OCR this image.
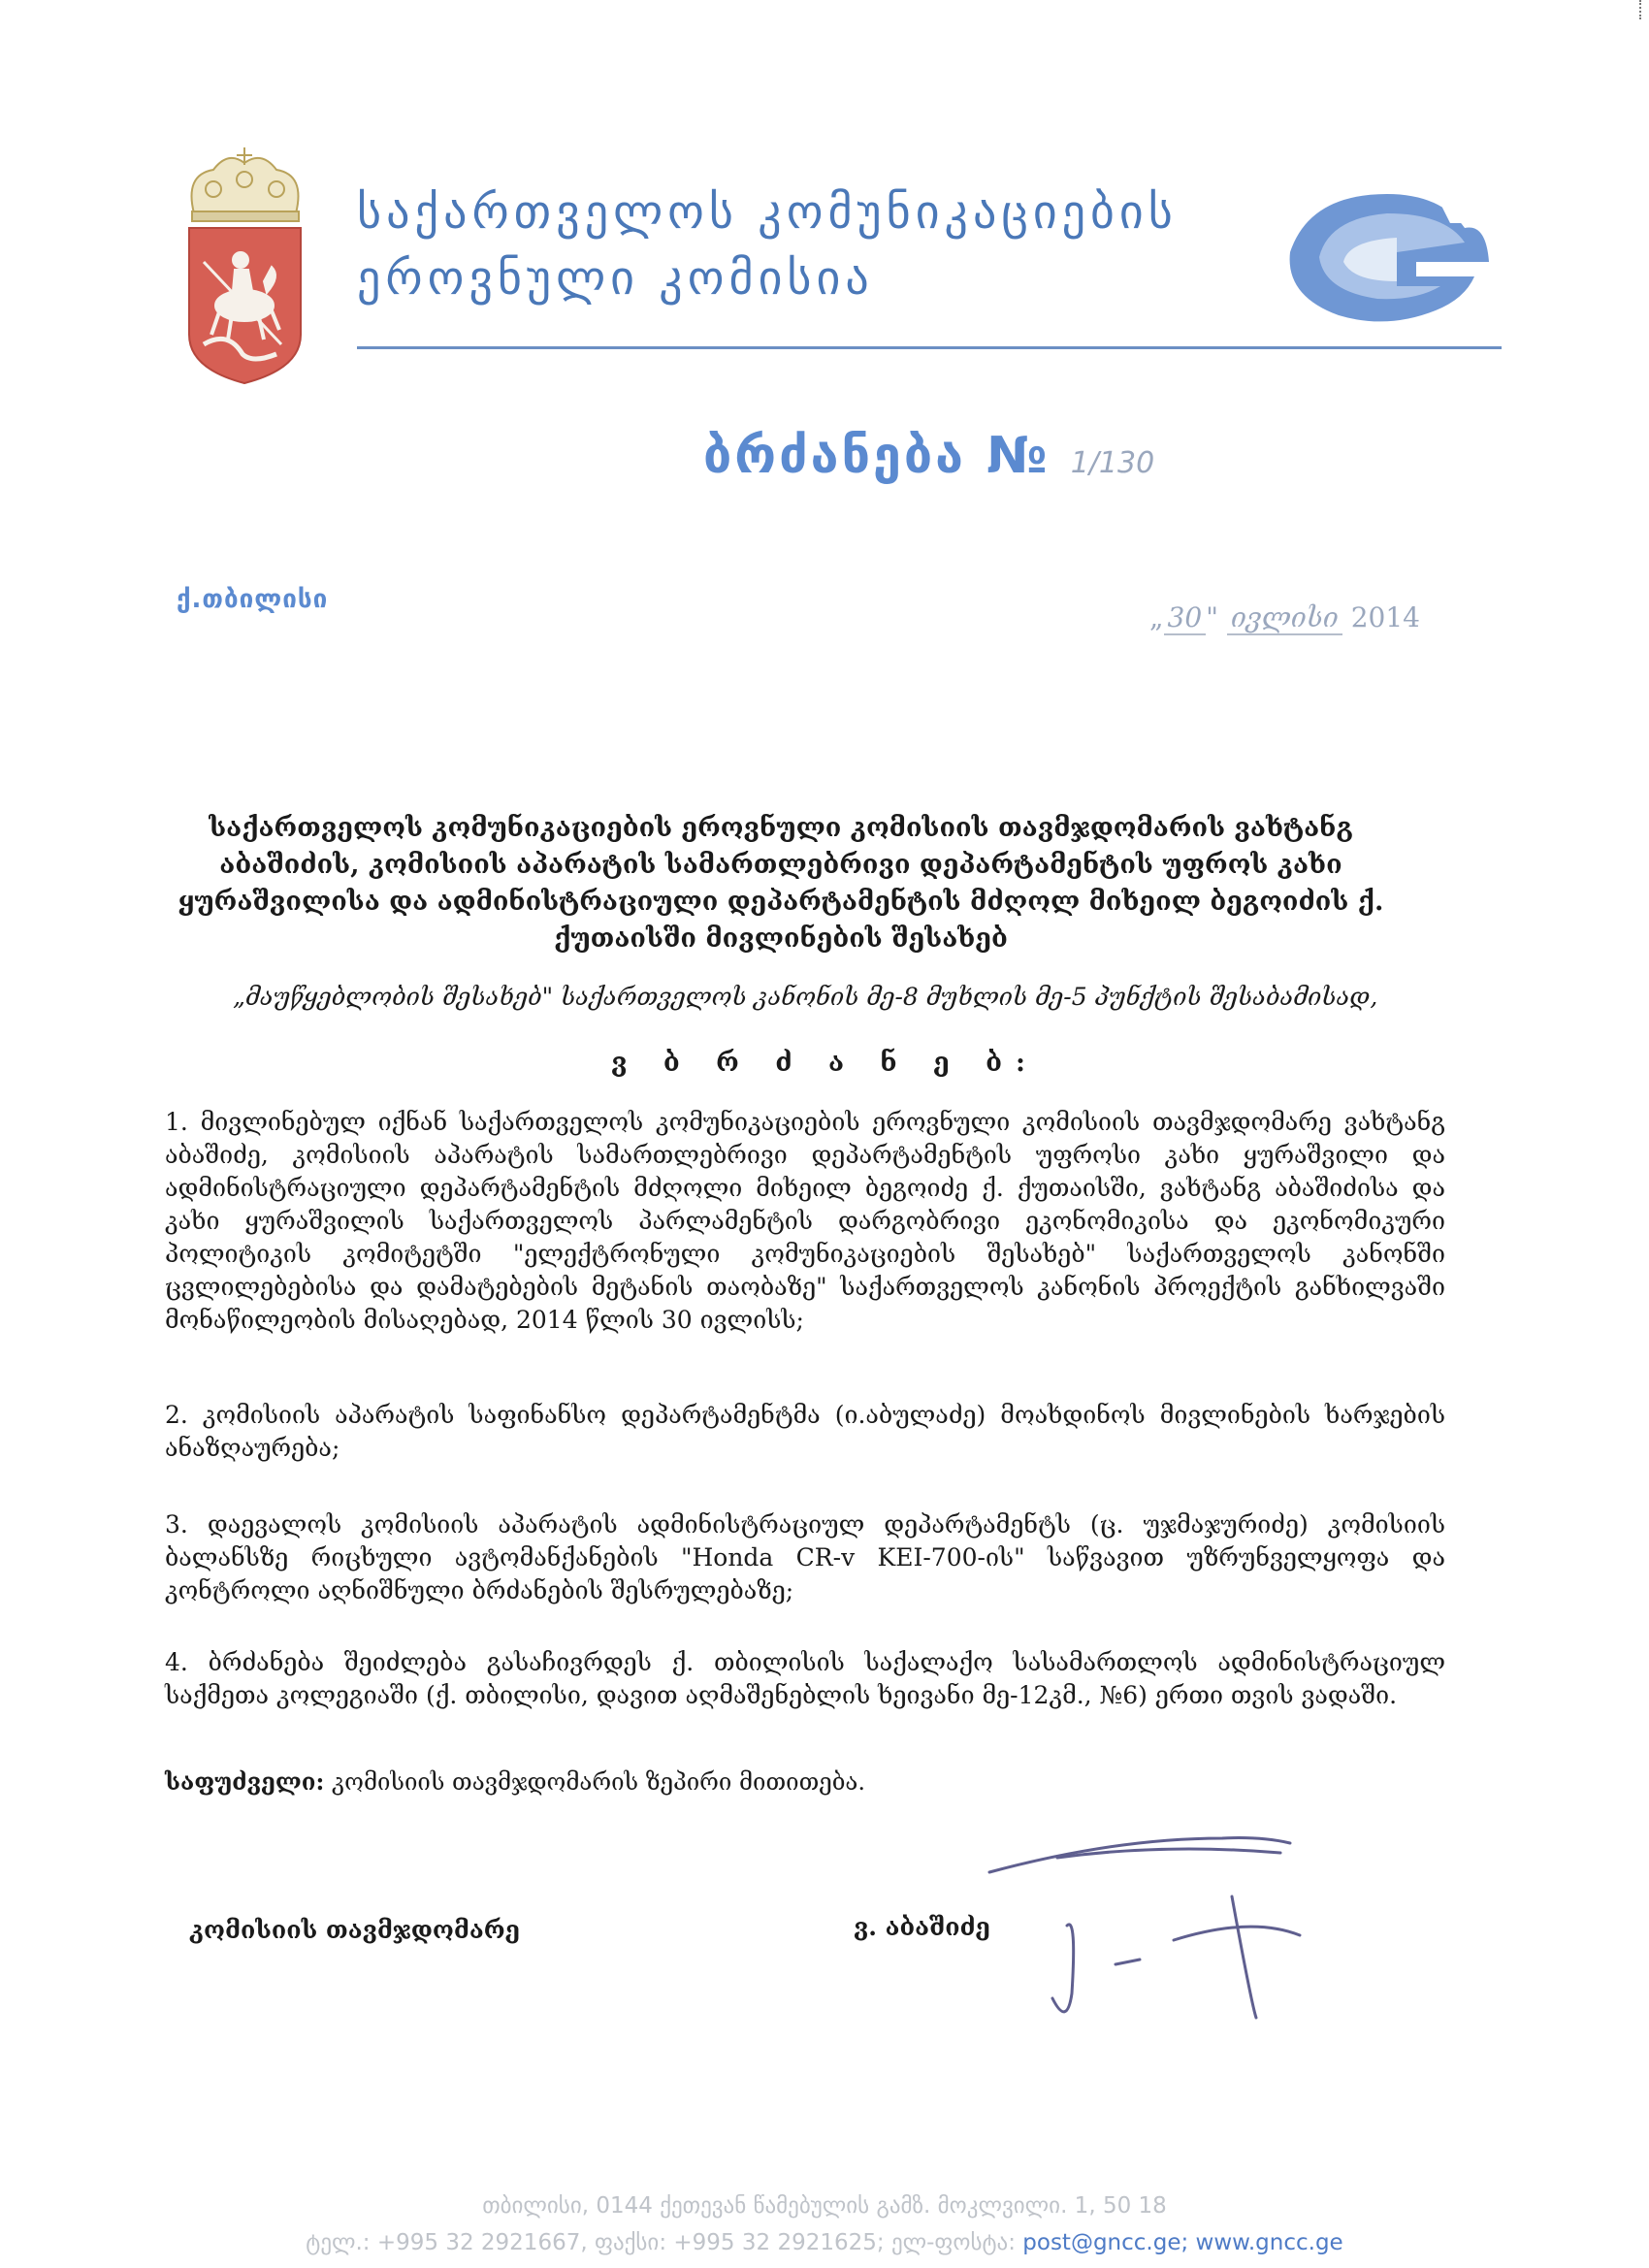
საქართველოს კომუნიკაციების
ეროვნული კომისია
ბრძანება № 1/130
ქ.თბილისი
„ 30 " ივლისი 2014
საქართველოს კომუნიკაციების ეროვნული კომისიის თავმჯდომარის ვახტანგ აბაშიძის, კომისიის აპარატის სამართლებრივი დეპარტამენტის უფროს კახი ყურაშვილისა და ადმინისტრაციული დეპარტამენტის მძღოლ მიხეილ ბეგოიძის ქ. ქუთაისში მივლინების შესახებ
„მაუწყებლობის შესახებ" საქართველოს კანონის მე-8 მუხლის მე-5 პუნქტის შესაბამისად,
ვ ბ რ ძ ა ნ ე ბ:
1. მივლინებულ იქნან საქართველოს კომუნიკაციების ეროვნული კომისიის თავმჯდომარე ვახტანგ აბაშიძე, კომისიის აპარატის სამართლებრივი დეპარტამენტის უფროსი კახი ყურაშვილი და ადმინისტრაციული დეპარტამენტის მძღოლი მიხეილ ბეგოიძე ქ. ქუთაისში, ვახტანგ აბაშიძისა და კახი ყურაშვილის საქართველოს პარლამენტის დარგობრივი ეკონომიკისა და ეკონომიკური პოლიტიკის კომიტეტში "ელექტრონული კომუნიკაციების შესახებ" საქართველოს კანონში ცვლილებებისა და დამატებების მეტანის თაობაზე" საქართველოს კანონის პროექტის განხილვაში მონაწილეობის მისაღებად, 2014 წლის 30 ივლისს;
2. კომისიის აპარატის საფინანსო დეპარტამენტმა (ი.აბულაძე) მოახდინოს მივლინების ხარჯების ანაზღაურება;
3. დაევალოს კომისიის აპარატის ადმინისტრაციულ დეპარტამენტს (ც. უჯმაჯურიძე) კომისიის ბალანსზე რიცხული ავტომანქანების "Honda CR-v KEI-700-ის" საწვავით უზრუნველყოფა და კონტროლი აღნიშნული ბრძანების შესრულებაზე;
4. ბრძანება შეიძლება გასაჩივრდეს ქ. თბილისის საქალაქო სასამართლოს ადმინისტრაციულ საქმეთა კოლეგიაში (ქ. თბილისი, დავით აღმაშენებლის ხეივანი მე-12კმ., №6) ერთი თვის ვადაში.
საფუძველი: კომისიის თავმჯდომარის ზეპირი მითითება.
კომისიის თავმჯდომარე	ვ. აბაშიძე
თბილისი, 0144 ქეთევან წამებულის გამზ. მოკლვილი. 1, 50 18
ტელ.: +995 32 2921667, ფაქსი: +995 32 2921625; ელ-ფოსტა: post@gncc.ge; www.gncc.ge
